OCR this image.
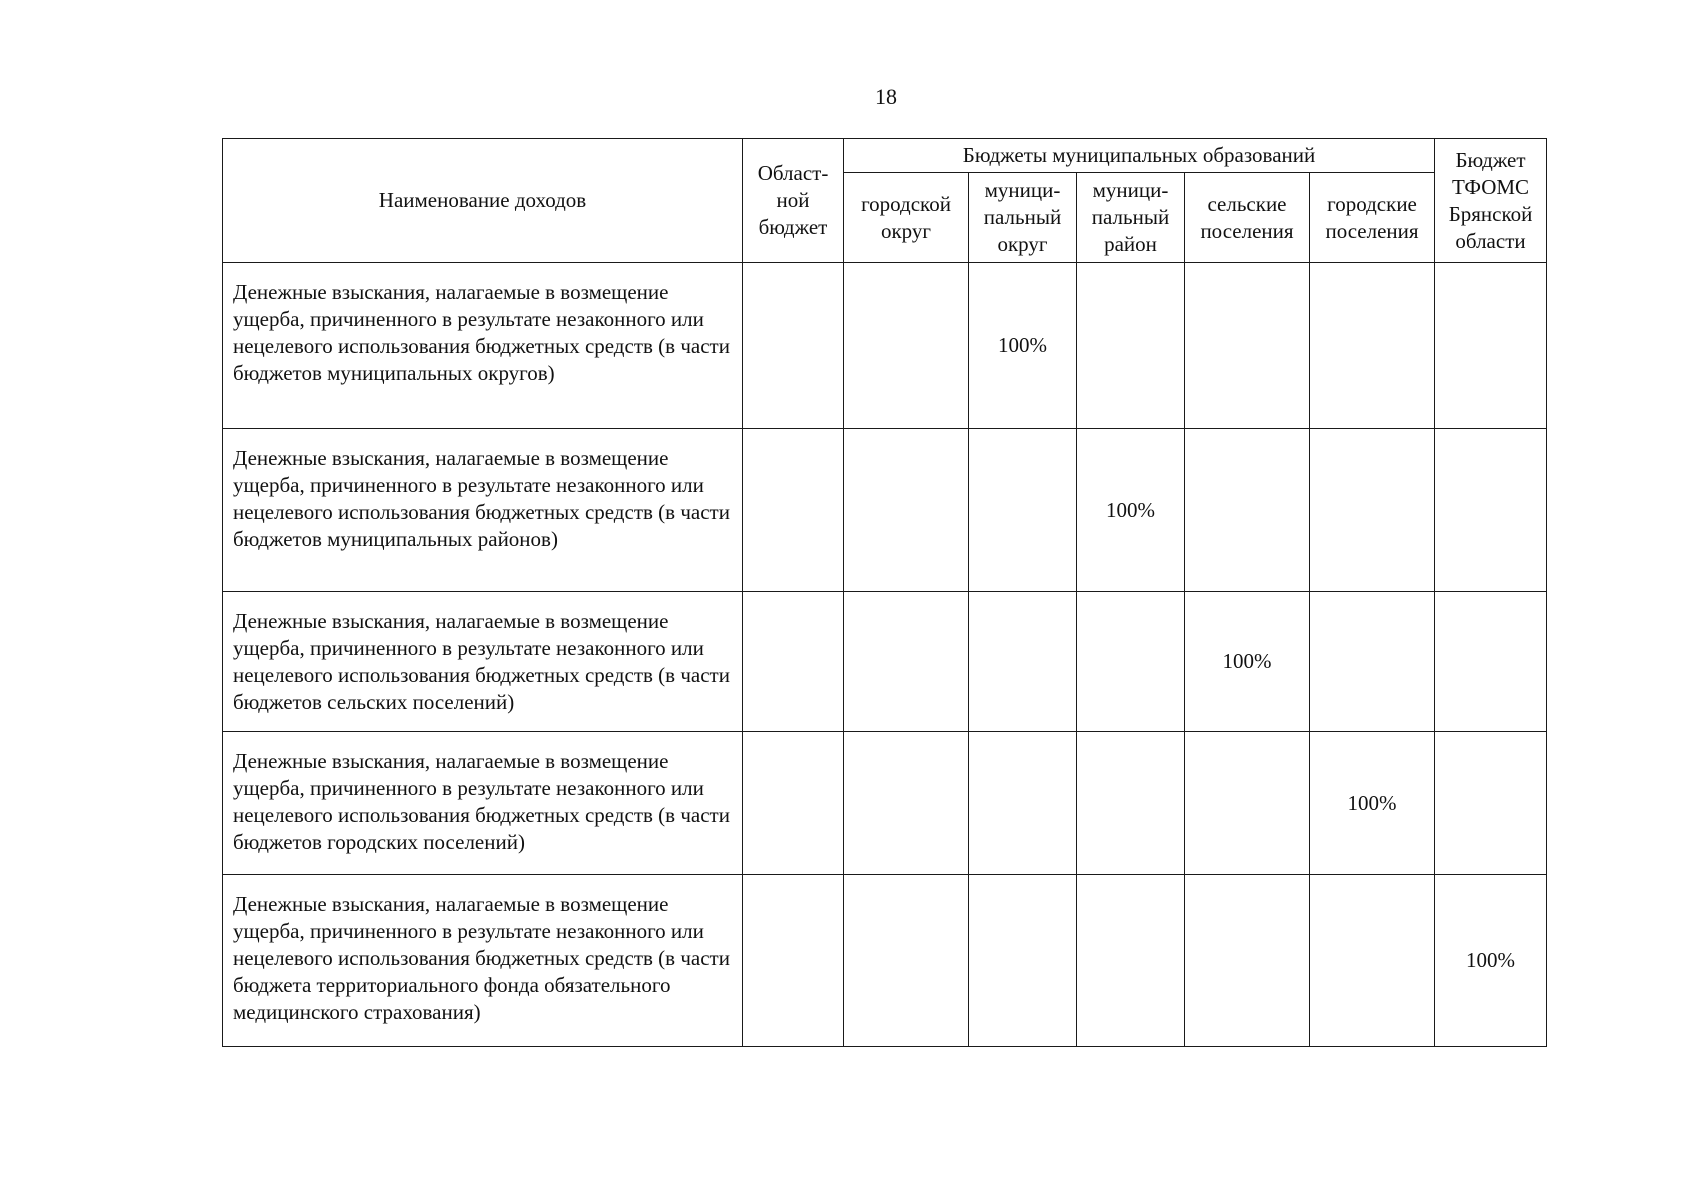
18
Наименование доходов	Област-
ной
бюджет	Бюджеты муниципальных образований					Бюджет
ТФОМС
Брянской
области
		городской
округ	муници-
пальный
округ	муници-
пальный
район	сельские
поселения	городские
поселения	
Денежные взыскания, налагаемые в возмещение ущерба, причиненного в результате незаконного или нецелевого использования бюджетных средств (в части бюджетов муниципальных округов)			100%				
Денежные взыскания, налагаемые в возмещение ущерба, причиненного в результате незаконного или нецелевого использования бюджетных средств (в части бюджетов муниципальных районов)				100%			
Денежные взыскания, налагаемые в возмещение ущерба, причиненного в результате незаконного или нецелевого использования бюджетных средств (в части бюджетов сельских поселений)					100%		
Денежные взыскания, налагаемые в возмещение ущерба, причиненного в результате незаконного или нецелевого использования бюджетных средств (в части бюджетов городских поселений)						100%	
Денежные взыскания, налагаемые в возмещение ущерба, причиненного в результате незаконного или нецелевого использования бюджетных средств (в части бюджета территориального фонда обязательного медицинского страхования)							100%
